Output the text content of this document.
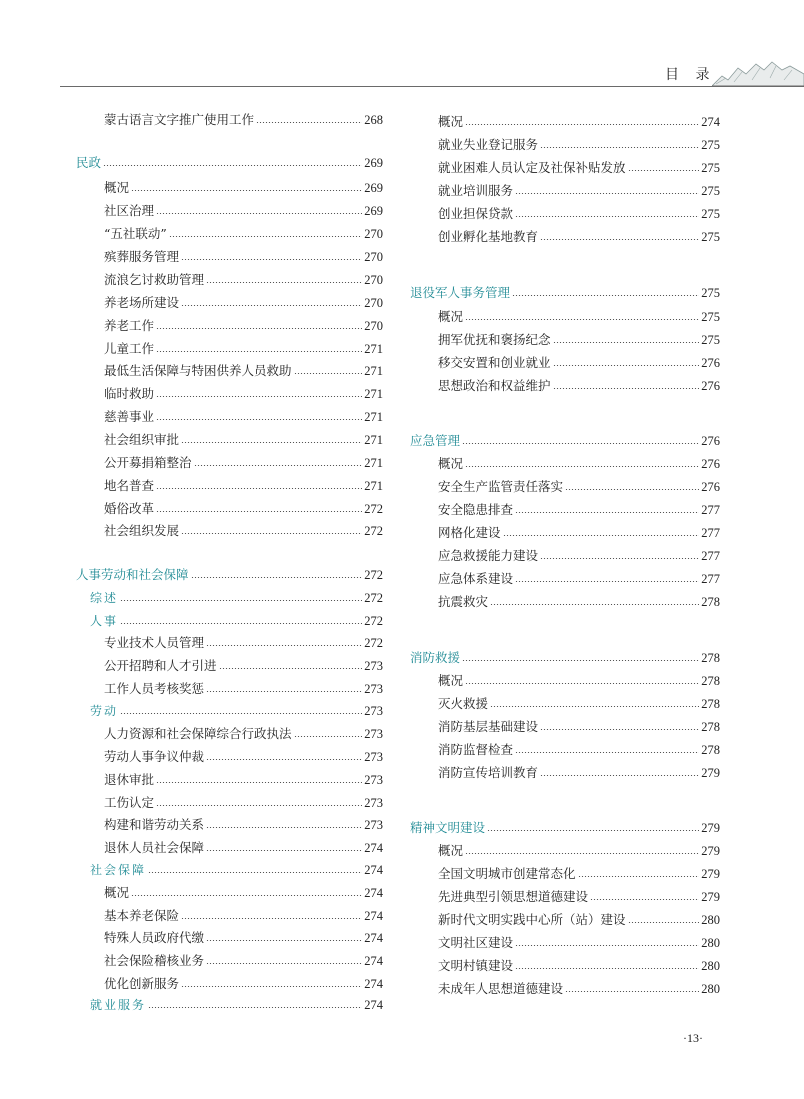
目 录
蒙古语言文字推广使用工作	268
民政	269
概况	269
社区治理	269
“五社联动”	270
殡葬服务管理	270
流浪乞讨救助管理	270
养老场所建设	270
养老工作	270
儿童工作	271
最低生活保障与特困供养人员救助	271
临时救助	271
慈善事业	271
社会组织审批	271
公开募捐箱整治	271
地名普查	271
婚俗改革	272
社会组织发展	272
人事劳动和社会保障	272
综述	272
人事	272
专业技术人员管理	272
公开招聘和人才引进	273
工作人员考核奖惩	273
劳动	273
人力资源和社会保障综合行政执法	273
劳动人事争议仲裁	273
退休审批	273
工伤认定	273
构建和谐劳动关系	273
退休人员社会保障	274
社会保障	274
概况	274
基本养老保险	274
特殊人员政府代缴	274
社会保险稽核业务	274
优化创新服务	274
就业服务	274
概况	274
就业失业登记服务	275
就业困难人员认定及社保补贴发放	275
就业培训服务	275
创业担保贷款	275
创业孵化基地教育	275
退役军人事务管理	275
概况	275
拥军优抚和褒扬纪念	275
移交安置和创业就业	276
思想政治和权益维护	276
应急管理	276
概况	276
安全生产监管责任落实	276
安全隐患排查	277
网格化建设	277
应急救援能力建设	277
应急体系建设	277
抗震救灾	278
消防救援	278
概况	278
灭火救援	278
消防基层基础建设	278
消防监督检查	278
消防宣传培训教育	279
精神文明建设	279
概况	279
全国文明城市创建常态化	279
先进典型引领思想道德建设	279
新时代文明实践中心所（站）建设	280
文明社区建设	280
文明村镇建设	280
未成年人思想道德建设	280
·13·
